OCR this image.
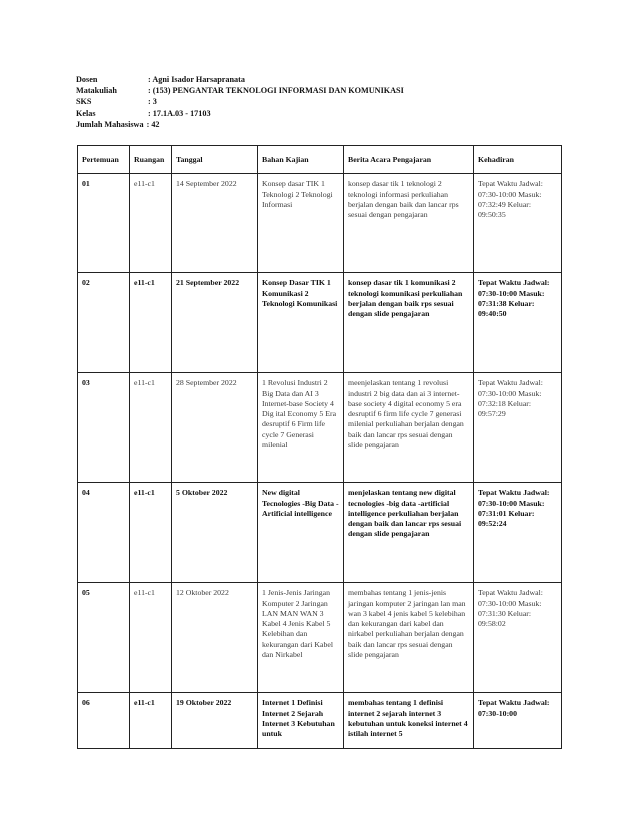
Dosen	: Agni Isador Harsapranata
Matakuliah	: (153) PENGANTAR TEKNOLOGI INFORMASI DAN KOMUNIKASI
SKS	: 3
Kelas	: 17.1A.03 - 17103
Jumlah Mahasiswa : 42
Pertemuan	Ruangan	Tanggal	Bahan Kajian	Berita Acara Pengajaran	Kehadiran
01	e11-c1	14 September 2022	Konsep dasar TIK 1 Teknologi 2 Teknologi Informasi	konsep dasar tik 1 teknologi 2 teknologi informasi perkuliahan berjalan dengan baik dan lancar rps sesuai dengan pengajaran	Tepat Waktu Jadwal: 07:30-10:00 Masuk: 07:32:49 Keluar: 09:50:35
02	e11-c1	21 September 2022	Konsep Dasar TIK 1 Komunikasi 2 Teknologi Komunikasi	konsep dasar tik 1 komunikasi 2 teknologi komunikasi perkuliahan berjalan dengan baik rps sesuai dengan slide pengajaran	Tepat Waktu Jadwal: 07:30-10:00 Masuk: 07:31:38 Keluar: 09:40:50
03	e11-c1	28 September 2022	1 Revolusi Industri 2 Big Data dan AI 3 Internet-base Society 4 Dig ital Economy 5 Era desruptif 6 Firm life cycle 7 Generasi milenial	meenjelaskan tentang 1 revolusi industri 2 big data dan ai 3 internet-base society 4 digital economy 5 era desruptif 6 firm life cycle 7 generasi milenial perkuliahan berjalan dengan baik dan lancar rps sesuai dengan slide pengajaran	Tepat Waktu Jadwal: 07:30-10:00 Masuk: 07:32:18 Keluar: 09:57:29
04	e11-c1	5 Oktober 2022	New digital Tecnologies -Big Data -Artificial intelligence	menjelaskan tentang new digital tecnologies -big data -artificial intelligence perkuliahan berjalan dengan baik dan lancar rps sesuai dengan slide pengajaran	Tepat Waktu Jadwal: 07:30-10:00 Masuk: 07:31:01 Keluar: 09:52:24
05	e11-c1	12 Oktober 2022	1 Jenis-Jenis Jaringan Komputer 2 Jaringan LAN MAN WAN 3 Kabel 4 Jenis Kabel 5 Kelebihan dan kekurangan dari Kabel dan Nirkabel	membahas tentang 1 jenis-jenis jaringan komputer 2 jaringan lan man wan 3 kabel 4 jenis kabel 5 kelebihan dan kekurangan dari kabel dan nirkabel perkuliahan berjalan dengan baik dan lancar rps sesuai dengan slide pengajaran	Tepat Waktu Jadwal: 07:30-10:00 Masuk: 07:31:30 Keluar: 09:58:02
06	e11-c1	19 Oktober 2022	Internet 1 Definisi Internet 2 Sejarah Internet 3 Kebutuhan untuk	membahas tentang 1 definisi internet 2 sejarah internet 3 kebutuhan untuk koneksi internet 4 istilah internet 5	Tepat Waktu Jadwal: 07:30-10:00
